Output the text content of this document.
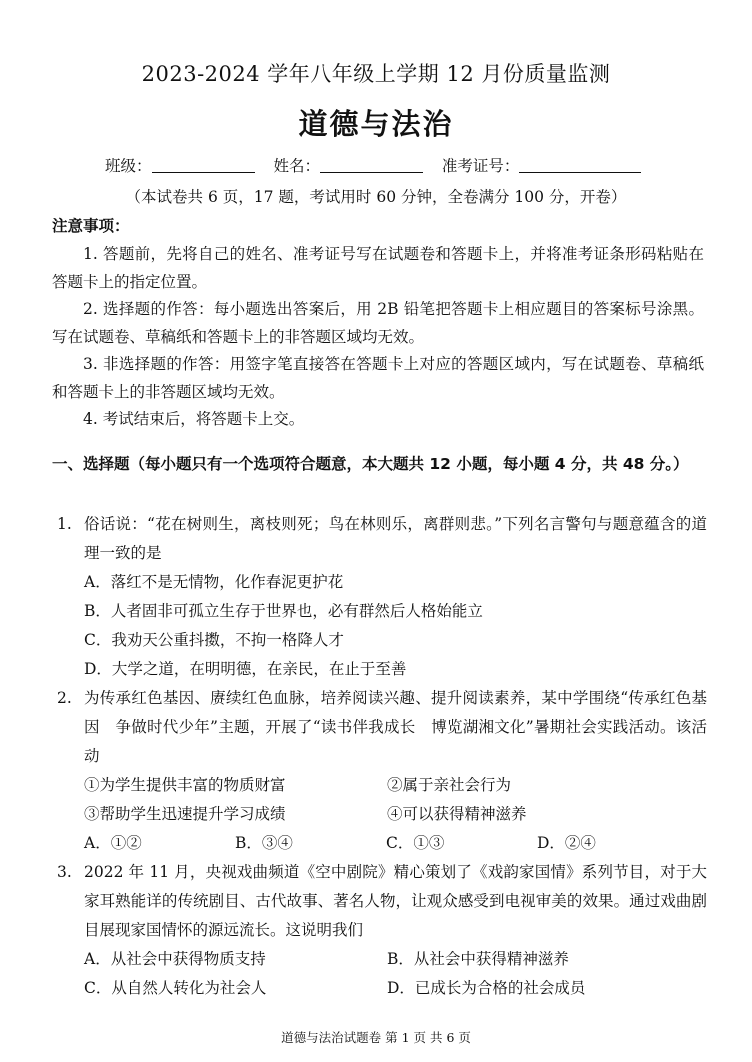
2023-2024 学年八年级上学期 12 月份质量监测
道德与法治
班级：	姓名：	准考证号：
（本试卷共 6 页，17 题，考试用时 60 分钟，全卷满分 100 分，开卷）
注意事项：

1. 答题前，先将自己的姓名、准考证号写在试题卷和答题卡上，并将准考证条形码粘贴在答题卡上的指定位置。

2. 选择题的作答：每小题选出答案后，用 2B 铅笔把答题卡上相应题目的答案标号涂黑。写在试题卷、草稿纸和答题卡上的非答题区域均无效。

3. 非选择题的作答：用签字笔直接答在答题卡上对应的答题区域内，写在试题卷、草稿纸和答题卡上的非答题区域均无效。

4. 考试结束后，将答题卡上交。

一、选择题（每小题只有一个选项符合题意，本大题共 12 小题，每小题 4 分，共 48 分。）
1. 俗话说：“花在树则生，离枝则死；鸟在林则乐，离群则悲。”下列名言警句与题意蕴含的道理一致的是
A．落红不是无情物，化作春泥更护花
B．人者固非可孤立生存于世界也，必有群然后人格始能立
C．我劝天公重抖擞，不拘一格降人才
D．大学之道，在明明德，在亲民，在止于至善
2. 为传承红色基因、赓续红色血脉，培养阅读兴趣、提升阅读素养，某中学围绕“传承红色基因　争做时代少年”主题，开展了“读书伴我成长　博览湖湘文化”暑期社会实践活动。该活动
①为学生提供丰富的物质财富	②属于亲社会行为
③帮助学生迅速提升学习成绩	④可以获得精神滋养
A．①②	B．③④	C．①③	D．②④
3. 2022 年 11 月，央视戏曲频道《空中剧院》精心策划了《戏韵家国情》系列节目，对于大家耳熟能详的传统剧目、古代故事、著名人物，让观众感受到电视审美的效果。通过戏曲剧目展现家国情怀的源远流长。这说明我们
A．从社会中获得物质支持	B．从社会中获得精神滋养
C．从自然人转化为社会人	D．已成长为合格的社会成员
道德与法治试题卷 第 1 页 共 6 页
